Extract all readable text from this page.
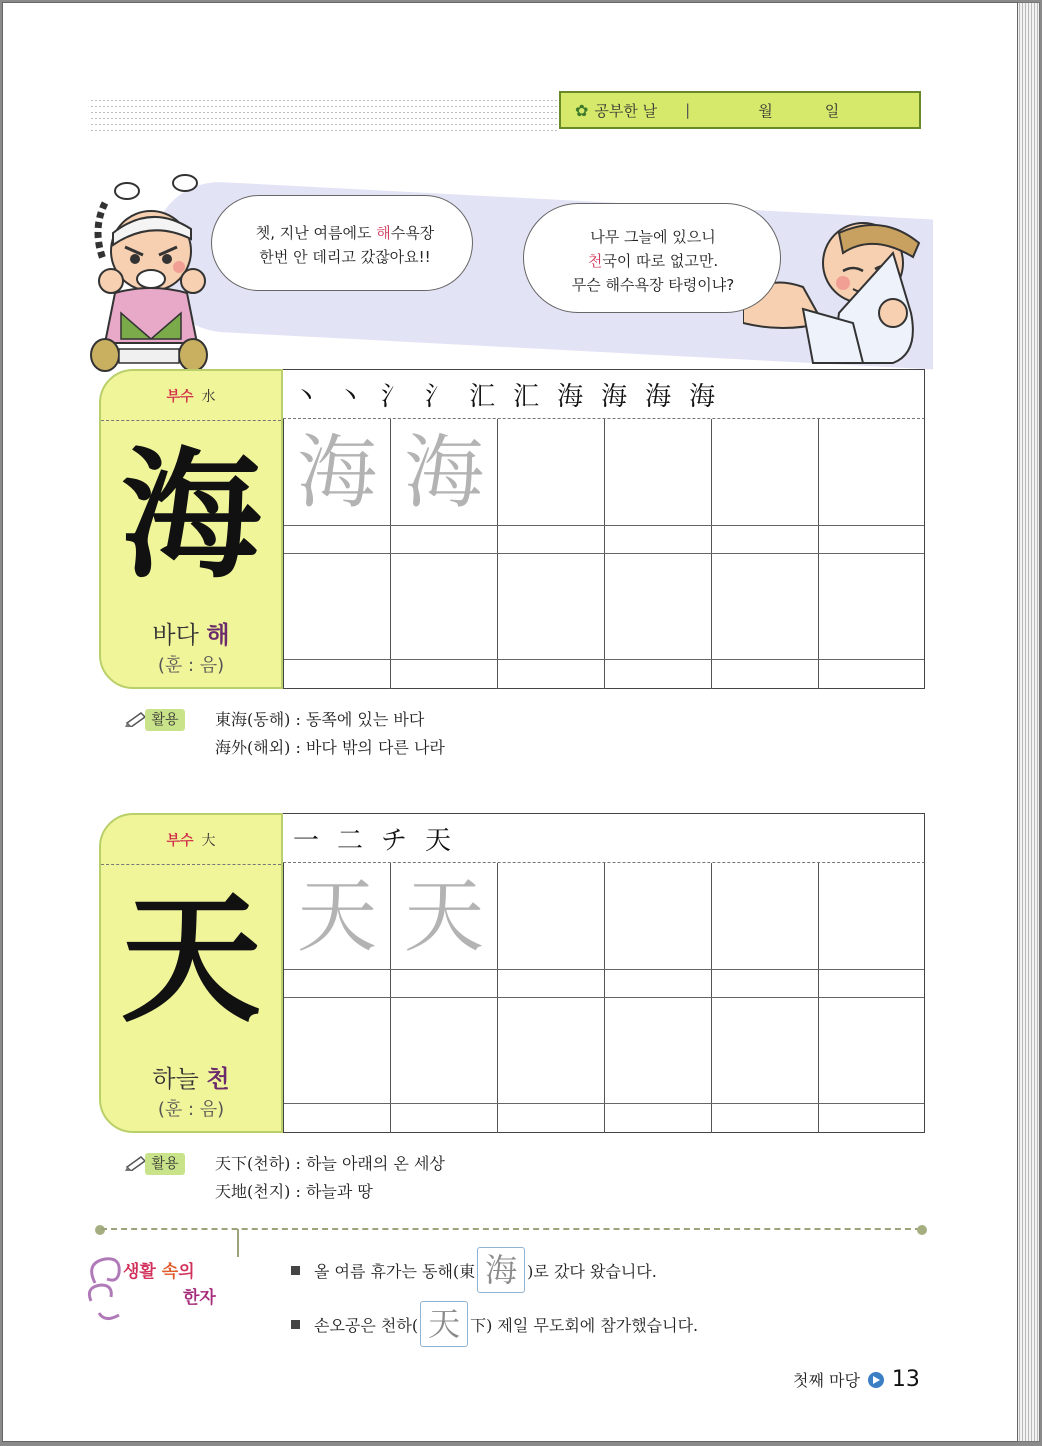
✿ 공부한 날 |	월	일
쳇, 지난 여름에도 해수욕장
한번 안 데리고 갔잖아요!!
나무 그늘에 있으니
천국이 따로 없고만.
무슨 해수욕장 타령이냐?
부수 水
海
바다 해
(훈 : 음)
丶 丶 氵 氵 汇 汇 海 海 海 海
海 海
활용	東海(동해) : 동쪽에 있는 바다
海外(해외) : 바다 밖의 다른 나라
부수 大
天
하늘 천
(훈 : 음)
一 二 チ 天
天 天
활용	天下(천하) : 하늘 아래의 온 세상
天地(천지) : 하늘과 땅
생활 속의
한자
올 여름 휴가는 동해(東 海 )로 갔다 왔습니다.
손오공은 천하( 天 下) 제일 무도회에 참가했습니다.
첫째 마당 13
